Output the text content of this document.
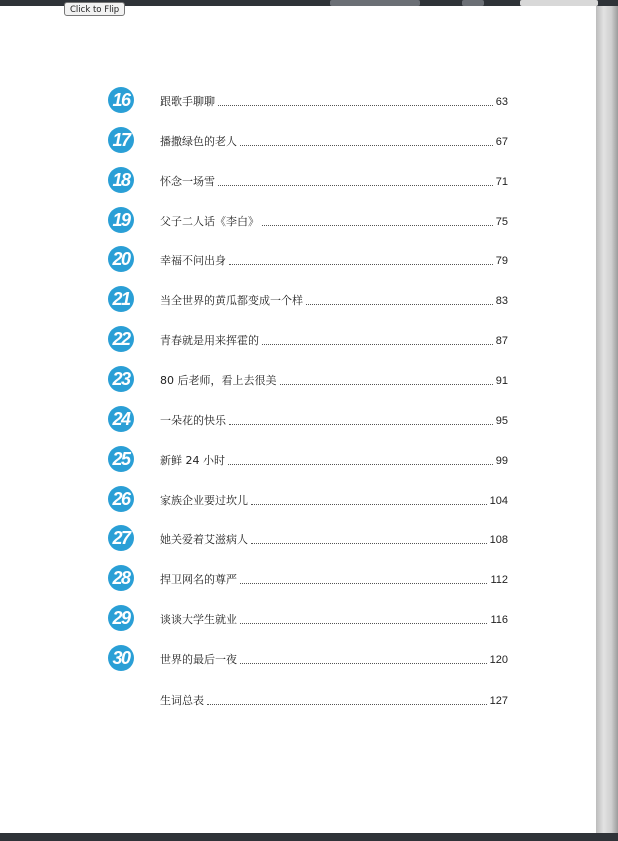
Click to Flip
16	跟歌手聊聊	63
17	播撒绿色的老人	67
18	怀念一场雪	71
19	父子二人话《李白》	75
20	幸福不问出身	79
21	当全世界的黄瓜都变成一个样	83
22	青春就是用来挥霍的	87
23	80 后老师，看上去很美	91
24	一朵花的快乐	95
25	新鲜 24 小时	99
26	家族企业要过坎儿	104
27	她关爱着艾滋病人	108
28	捍卫网名的尊严	112
29	谈谈大学生就业	116
30	世界的最后一夜	120
生词总表	127
